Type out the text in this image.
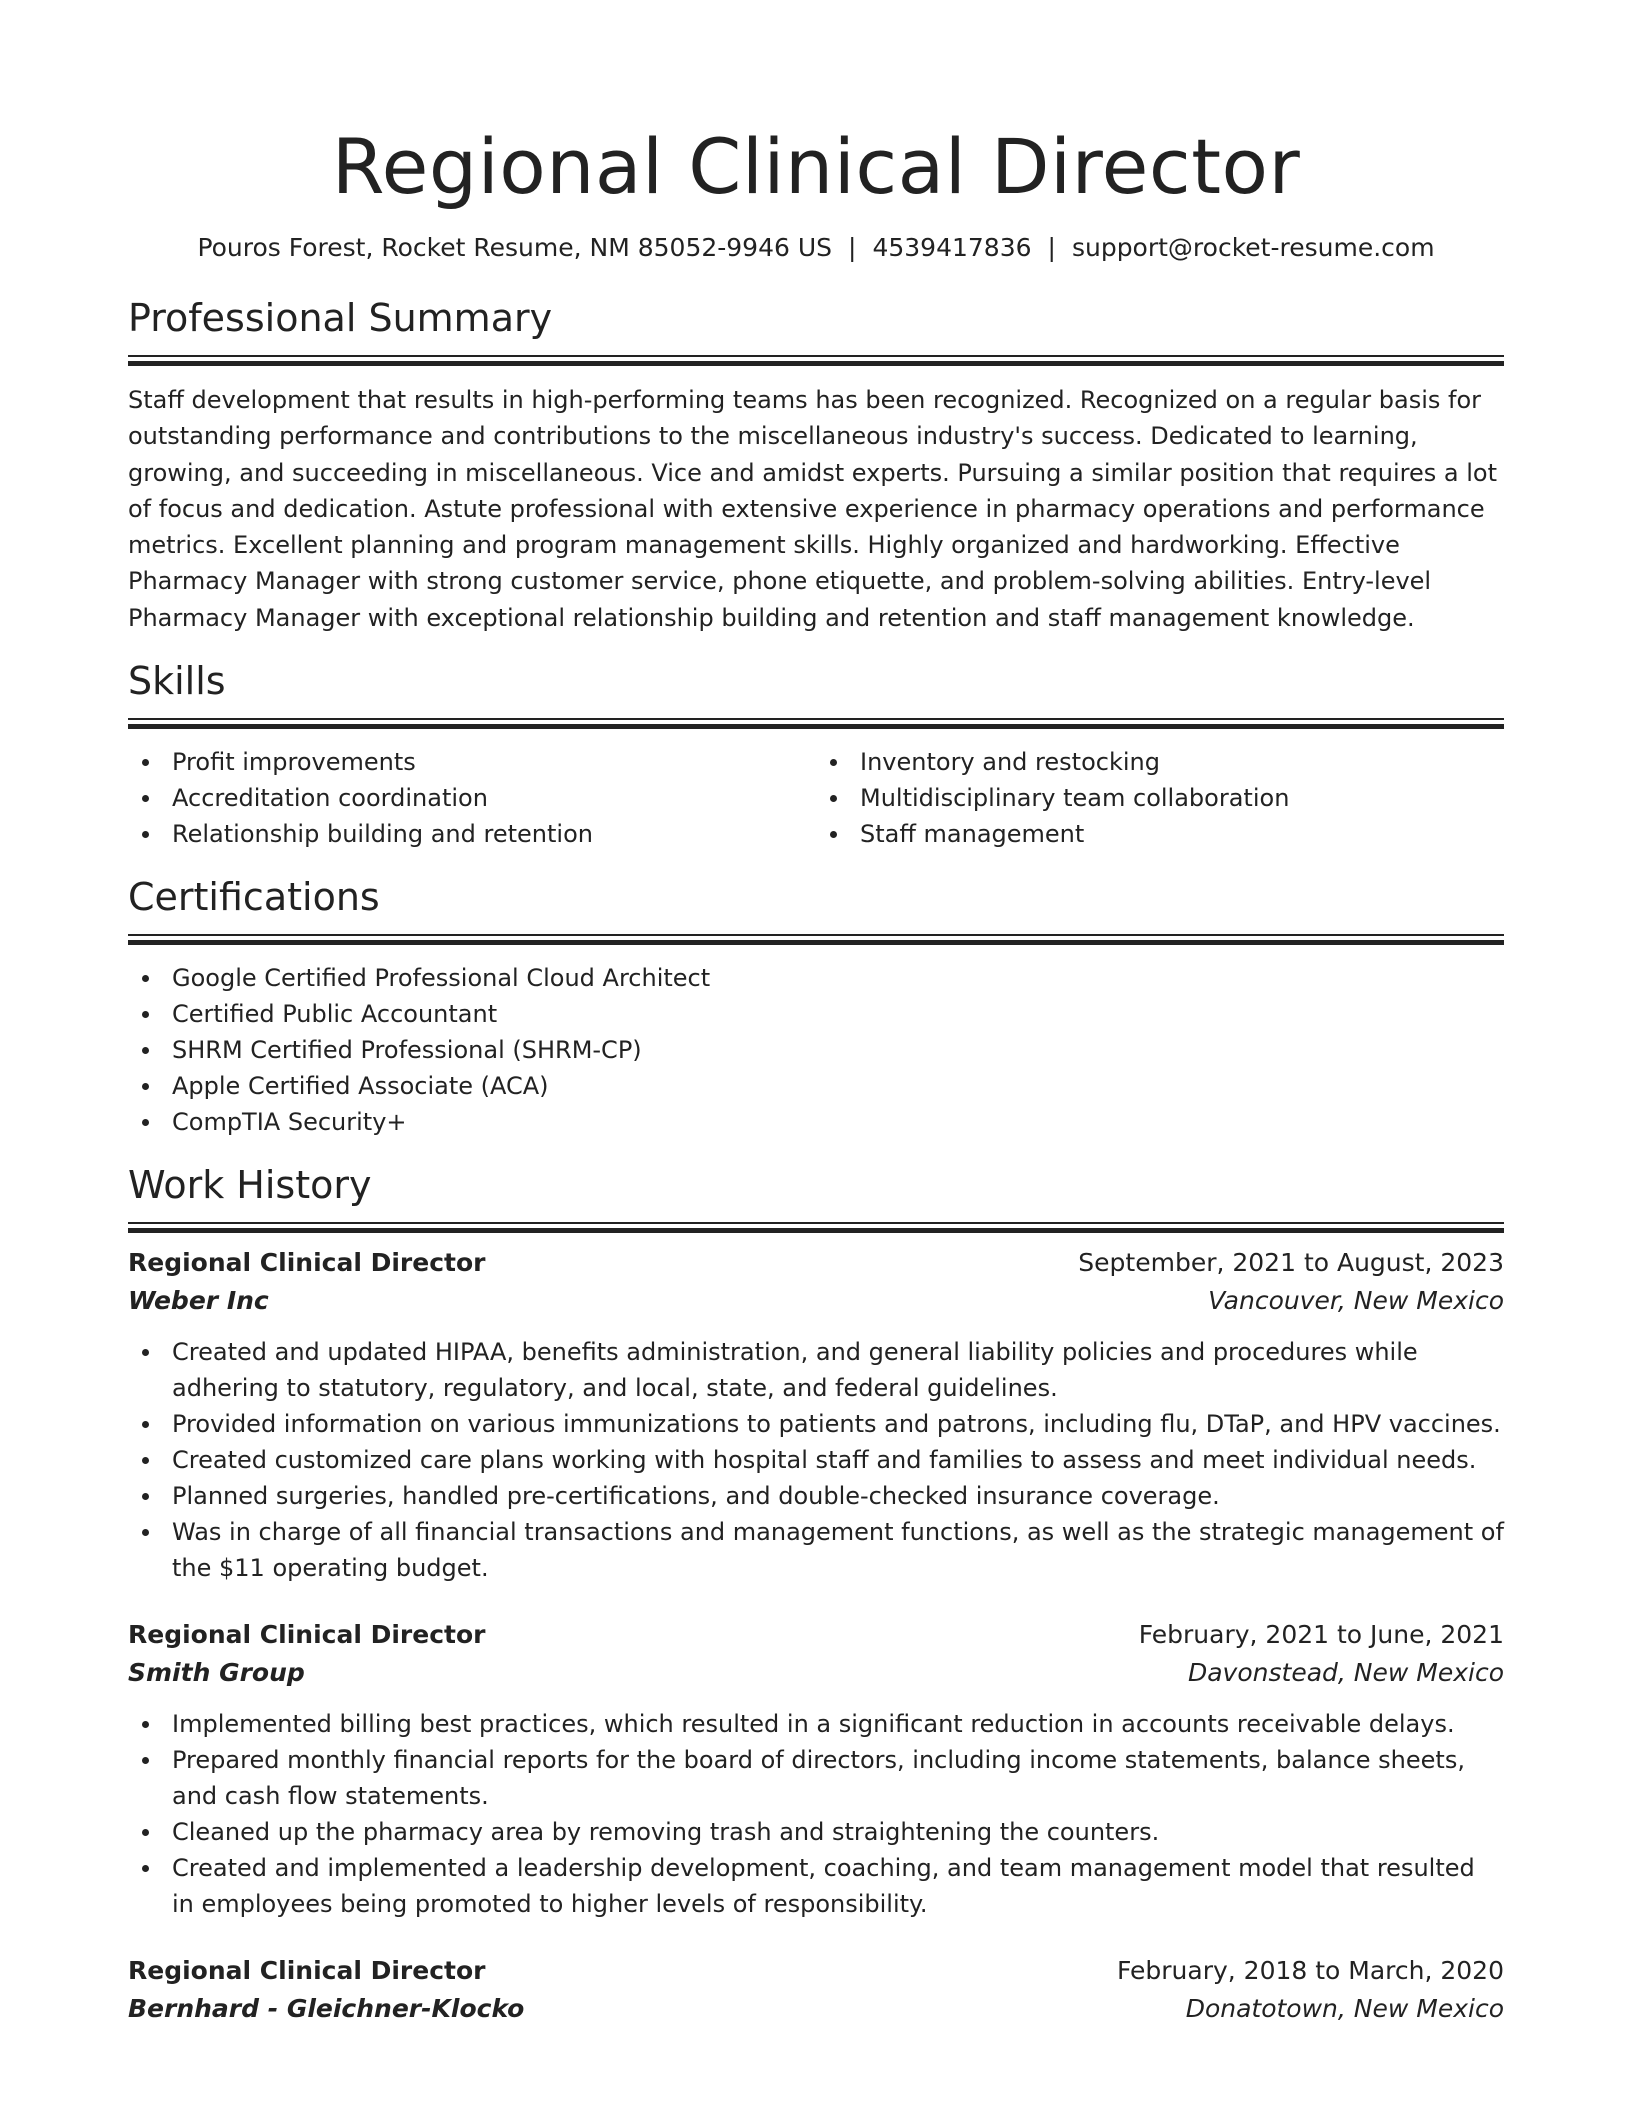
Regional Clinical Director
Pouros Forest, Rocket Resume, NM 85052-9946 US | 4539417836 | support@rocket-resume.com
Professional Summary
Staff development that results in high-performing teams has been recognized. Recognized on a regular basis for outstanding performance and contributions to the miscellaneous industry's success. Dedicated to learning, growing, and succeeding in miscellaneous. Vice and amidst experts. Pursuing a similar position that requires a lot of focus and dedication. Astute professional with extensive experience in pharmacy operations and performance metrics. Excellent planning and program management skills. Highly organized and hardworking. Effective Pharmacy Manager with strong customer service, phone etiquette, and problem-solving abilities. Entry-level Pharmacy Manager with exceptional relationship building and retention and staff management knowledge.
Skills
Profit improvements
Accreditation coordination
Relationship building and retention
Inventory and restocking
Multidisciplinary team collaboration
Staff management
Certifications
Google Certified Professional Cloud Architect
Certified Public Accountant
SHRM Certified Professional (SHRM-CP)
Apple Certified Associate (ACA)
CompTIA Security+
Work History
Regional Clinical Director	September, 2021 to August, 2023
Weber Inc	Vancouver, New Mexico
Created and updated HIPAA, benefits administration, and general liability policies and procedures while adhering to statutory, regulatory, and local, state, and federal guidelines.
Provided information on various immunizations to patients and patrons, including flu, DTaP, and HPV vaccines.
Created customized care plans working with hospital staff and families to assess and meet individual needs.
Planned surgeries, handled pre-certifications, and double-checked insurance coverage.
Was in charge of all financial transactions and management functions, as well as the strategic management of the $11 operating budget.
Regional Clinical Director	February, 2021 to June, 2021
Smith Group	Davonstead, New Mexico
Implemented billing best practices, which resulted in a significant reduction in accounts receivable delays.
Prepared monthly financial reports for the board of directors, including income statements, balance sheets, and cash flow statements.
Cleaned up the pharmacy area by removing trash and straightening the counters.
Created and implemented a leadership development, coaching, and team management model that resulted in employees being promoted to higher levels of responsibility.
Regional Clinical Director	February, 2018 to March, 2020
Bernhard - Gleichner-Klocko	Donatotown, New Mexico
